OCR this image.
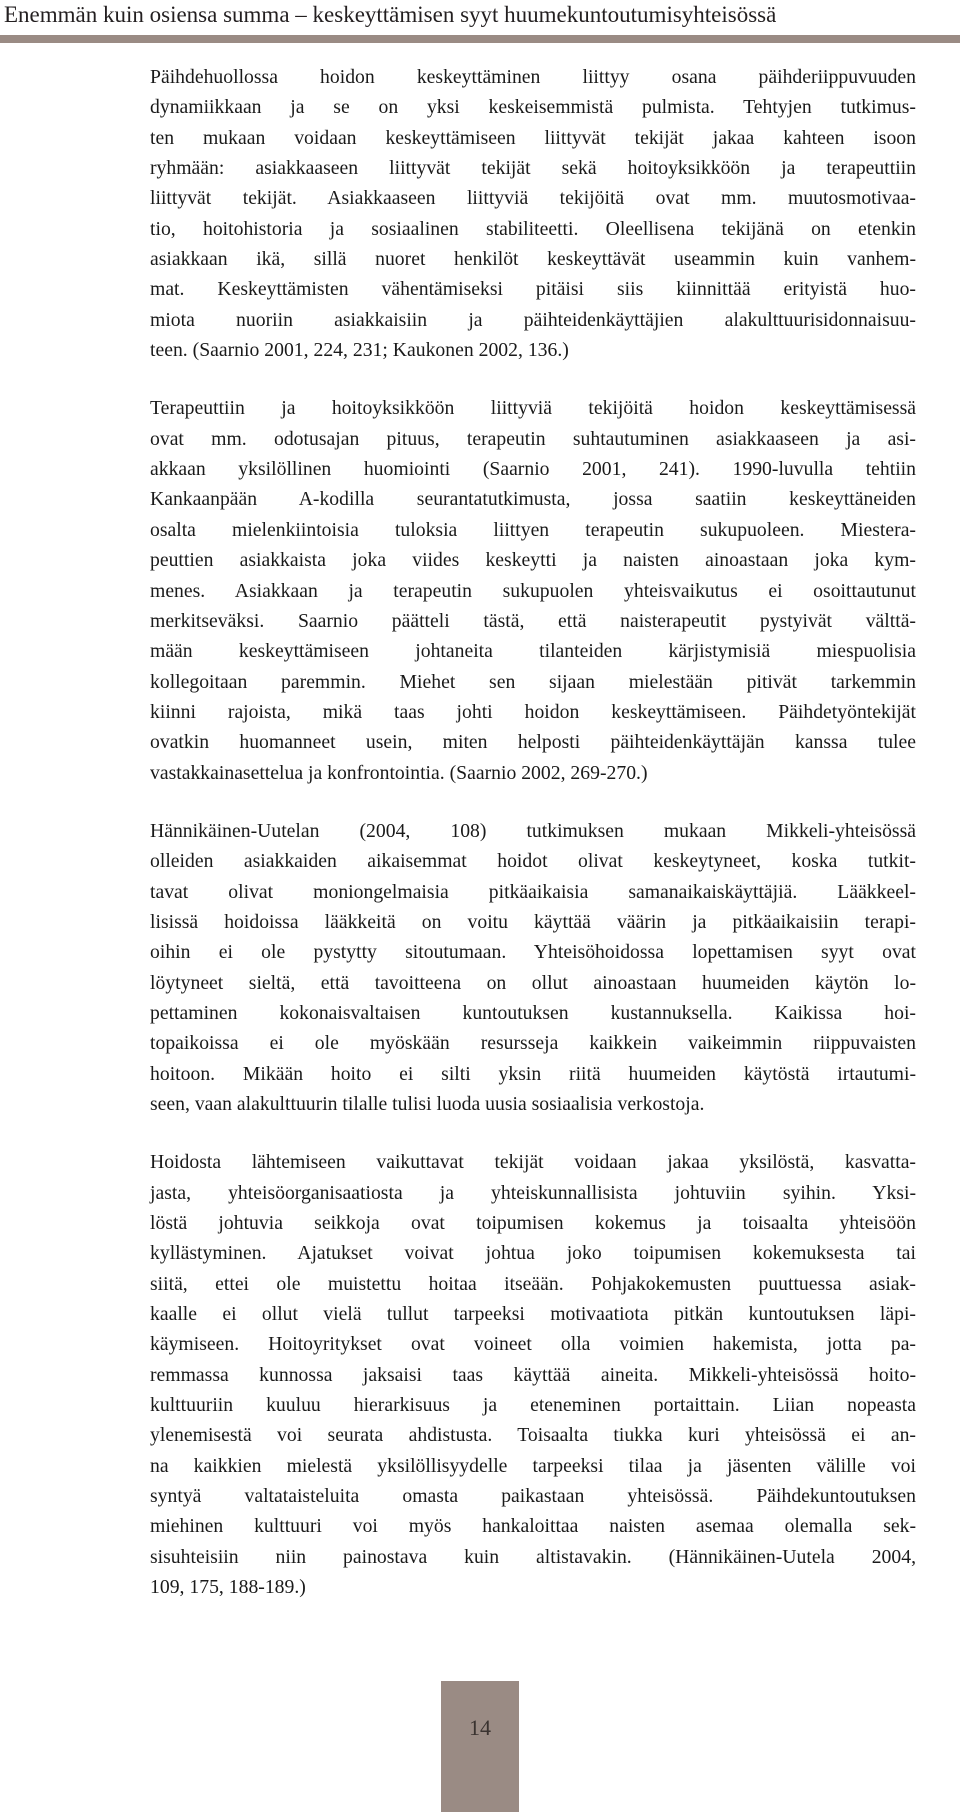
Enemmän kuin osiensa summa – keskeyttämisen syyt huumekuntoutumisyhteisössä

Päihdehuollossa hoidon keskeyttäminen liittyy osana päihderiippuvuuden
dynamiikkaan ja se on yksi keskeisemmistä pulmista. Tehtyjen tutkimus-
ten mukaan voidaan keskeyttämiseen liittyvät tekijät jakaa kahteen isoon
ryhmään: asiakkaaseen liittyvät tekijät sekä hoitoyksikköön ja terapeuttiin
liittyvät tekijät. Asiakkaaseen liittyviä tekijöitä ovat mm. muutosmotivaa-
tio, hoitohistoria ja sosiaalinen stabiliteetti. Oleellisena tekijänä on etenkin
asiakkaan ikä, sillä nuoret henkilöt keskeyttävät useammin kuin vanhem-
mat. Keskeyttämisten vähentämiseksi pitäisi siis kiinnittää erityistä huo-
miota nuoriin asiakkaisiin ja päihteidenkäyttäjien alakulttuurisidonnaisuu-
teen. (Saarnio 2001, 224, 231; Kaukonen 2002, 136.)

Terapeuttiin ja hoitoyksikköön liittyviä tekijöitä hoidon keskeyttämisessä
ovat mm. odotusajan pituus, terapeutin suhtautuminen asiakkaaseen ja asi-
akkaan yksilöllinen huomiointi (Saarnio 2001, 241). 1990-luvulla tehtiin
Kankaanpään A-kodilla seurantatutkimusta, jossa saatiin keskeyttäneiden
osalta mielenkiintoisia tuloksia liittyen terapeutin sukupuoleen. Miestera-
peuttien asiakkaista joka viides keskeytti ja naisten ainoastaan joka kym-
menes. Asiakkaan ja terapeutin sukupuolen yhteisvaikutus ei osoittautunut
merkitseväksi. Saarnio päätteli tästä, että naisterapeutit pystyivät välttä-
mään keskeyttämiseen johtaneita tilanteiden kärjistymisiä miespuolisia
kollegoitaan paremmin. Miehet sen sijaan mielestään pitivät tarkemmin
kiinni rajoista, mikä taas johti hoidon keskeyttämiseen. Päihdetyöntekijät
ovatkin huomanneet usein, miten helposti päihteidenkäyttäjän kanssa tulee
vastakkainasettelua ja konfrontointia. (Saarnio 2002, 269-270.)

Hännikäinen-Uutelan (2004, 108) tutkimuksen mukaan Mikkeli-yhteisössä
olleiden asiakkaiden aikaisemmat hoidot olivat keskeytyneet, koska tutkit-
tavat olivat moniongelmaisia pitkäaikaisia samanaikaiskäyttäjiä. Lääkkeel-
lisissä hoidoissa lääkkeitä on voitu käyttää väärin ja pitkäaikaisiin terapi-
oihin ei ole pystytty sitoutumaan. Yhteisöhoidossa lopettamisen syyt ovat
löytyneet sieltä, että tavoitteena on ollut ainoastaan huumeiden käytön lo-
pettaminen kokonaisvaltaisen kuntoutuksen kustannuksella. Kaikissa hoi-
topaikoissa ei ole myöskään resursseja kaikkein vaikeimmin riippuvaisten
hoitoon. Mikään hoito ei silti yksin riitä huumeiden käytöstä irtautumi-
seen, vaan alakulttuurin tilalle tulisi luoda uusia sosiaalisia verkostoja.

Hoidosta lähtemiseen vaikuttavat tekijät voidaan jakaa yksilöstä, kasvatta-
jasta, yhteisöorganisaatiosta ja yhteiskunnallisista johtuviin syihin. Yksi-
löstä johtuvia seikkoja ovat toipumisen kokemus ja toisaalta yhteisöön
kyllästyminen. Ajatukset voivat johtua joko toipumisen kokemuksesta tai
siitä, ettei ole muistettu hoitaa itseään. Pohjakokemusten puuttuessa asiak-
kaalle ei ollut vielä tullut tarpeeksi motivaatiota pitkän kuntoutuksen läpi-
käymiseen. Hoitoyritykset ovat voineet olla voimien hakemista, jotta pa-
remmassa kunnossa jaksaisi taas käyttää aineita. Mikkeli-yhteisössä hoito-
kulttuuriin kuuluu hierarkisuus ja eteneminen portaittain. Liian nopeasta
ylenemisestä voi seurata ahdistusta. Toisaalta tiukka kuri yhteisössä ei an-
na kaikkien mielestä yksilöllisyydelle tarpeeksi tilaa ja jäsenten välille voi
syntyä valtataisteluita omasta paikastaan yhteisössä. Päihdekuntoutuksen
miehinen kulttuuri voi myös hankaloittaa naisten asemaa olemalla sek-
sisuhteisiin niin painostava kuin altistavakin. (Hännikäinen-Uutela 2004,
109, 175, 188-189.)

14
